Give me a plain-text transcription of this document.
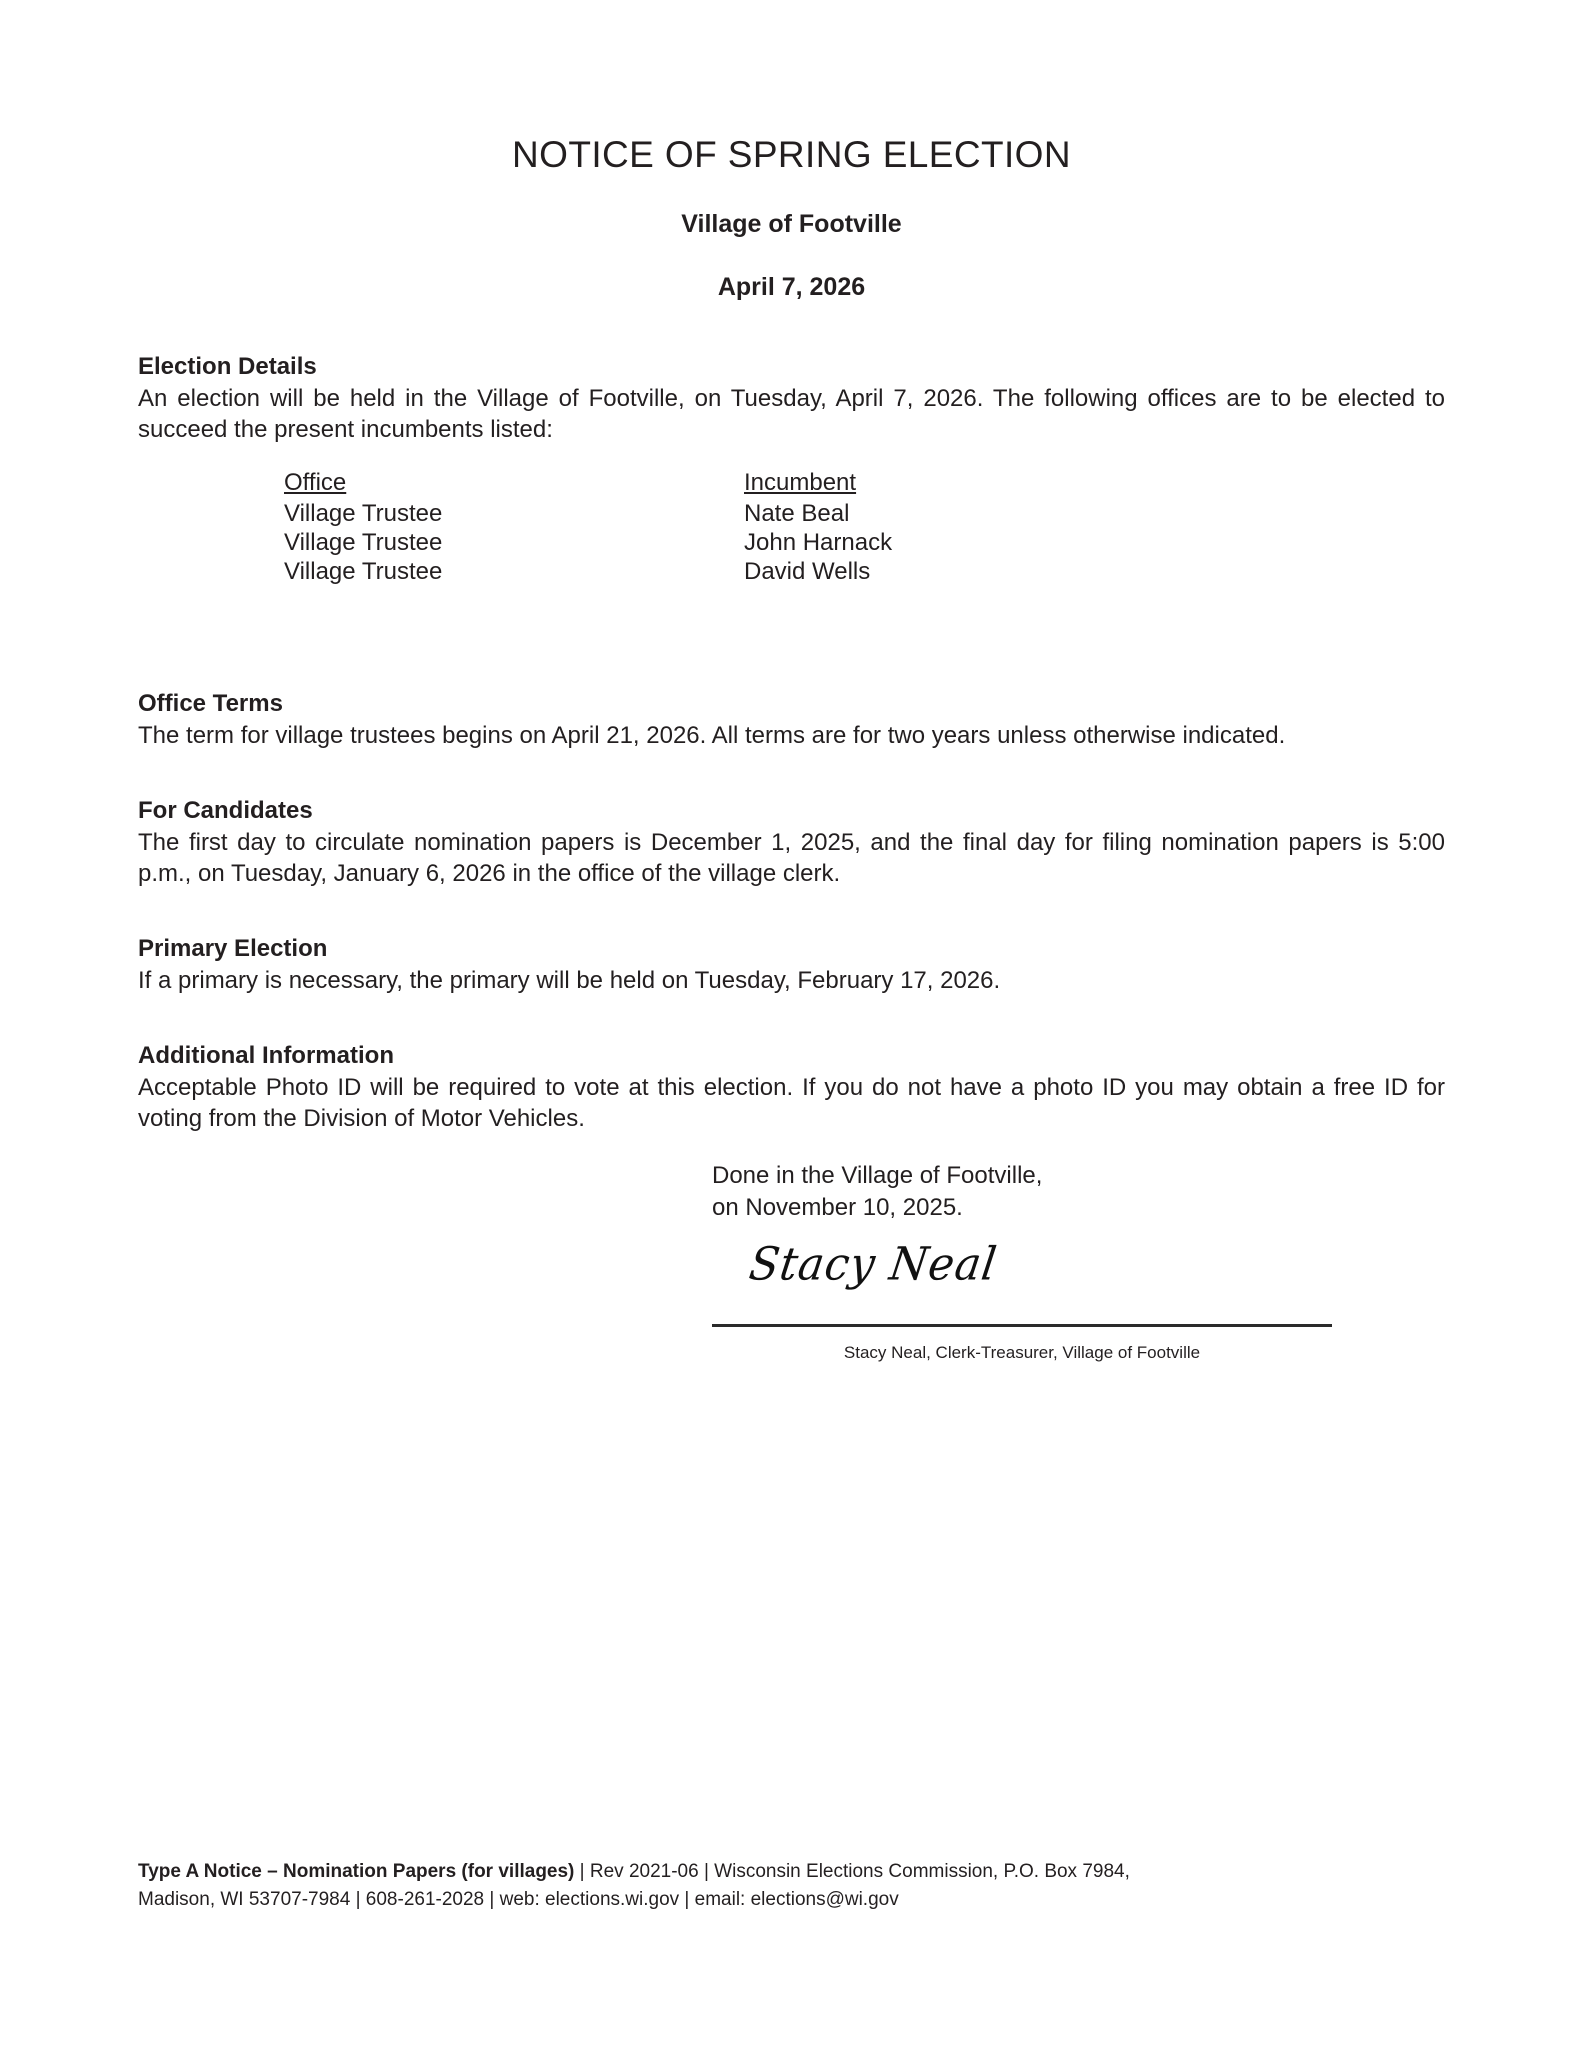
NOTICE OF SPRING ELECTION
Village of Footville
April 7, 2026
Election Details

An election will be held in the Village of Footville, on Tuesday, April 7, 2026. The following offices are to be elected to succeed the present incumbents listed:

Office	Incumbent
Village Trustee	Nate Beal
Village Trustee	John Harnack
Village Trustee	David Wells
Office Terms

The term for village trustees begins on April 21, 2026. All terms are for two years unless otherwise indicated.

For Candidates

The first day to circulate nomination papers is December 1, 2025, and the final day for filing nomination papers is 5:00 p.m., on Tuesday, January 6, 2026 in the office of the village clerk.

Primary Election

If a primary is necessary, the primary will be held on Tuesday, February 17, 2026.

Additional Information

Acceptable Photo ID will be required to vote at this election. If you do not have a photo ID you may obtain a free ID for voting from the Division of Motor Vehicles.

Done in the Village of Footville,
on November 10, 2025.
Stacy Neal
Stacy Neal, Clerk-Treasurer, Village of Footville
Type A Notice – Nomination Papers (for villages) | Rev 2021-06 | Wisconsin Elections Commission, P.O. Box 7984,
Madison, WI 53707-7984 | 608-261-2028 | web: elections.wi.gov | email: elections@wi.gov
